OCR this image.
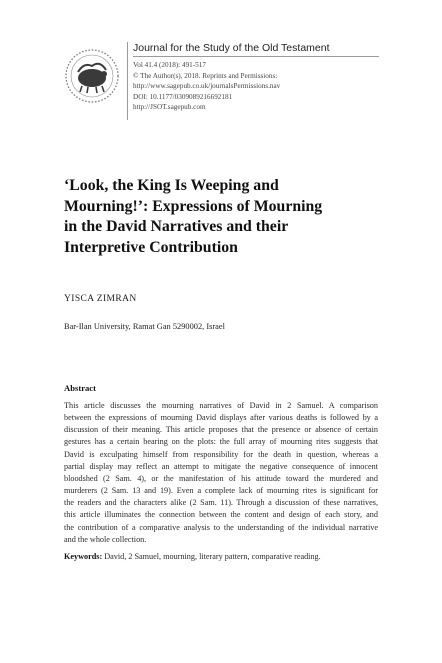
Journal for the Study of the Old Testament
Vol 41.4 (2018): 491-517
© The Author(s), 2018. Reprints and Permissions:
http://www.sagepub.co.uk/journalsPermissions.nav
DOI: 10.1177/0309089216692181
http://JSOT.sagepub.com
‘Look, the King Is Weeping and
Mourning!’: Expressions of Mourning
in the David Narratives and their
Interpretive Contribution
YISCA ZIMRAN
Bar-Ilan University, Ramat Gan 5290002, Israel
Abstract
This article discusses the mourning narratives of David in 2 Samuel. A comparison
between the expressions of mourning David displays after various deaths is followed by a
discussion of their meaning. This article proposes that the presence or absence of certain
gestures has a certain bearing on the plots: the full array of mourning rites suggests that
David is exculpating himself from responsibility for the death in question, whereas a
partial display may reflect an attempt to mitigate the negative consequence of innocent
bloodshed (2 Sam. 4), or the manifestation of his attitude toward the murdered and
murderers (2 Sam. 13 and 19). Even a complete lack of mourning rites is significant for
the readers and the characters alike (2 Sam. 11). Through a discussion of these narratives,
this article illuminates the connection between the content and design of each story, and
the contribution of a comparative analysis to the understanding of the individual narrative
and the whole collection.
Keywords: David, 2 Samuel, mourning, literary pattern, comparative reading.
